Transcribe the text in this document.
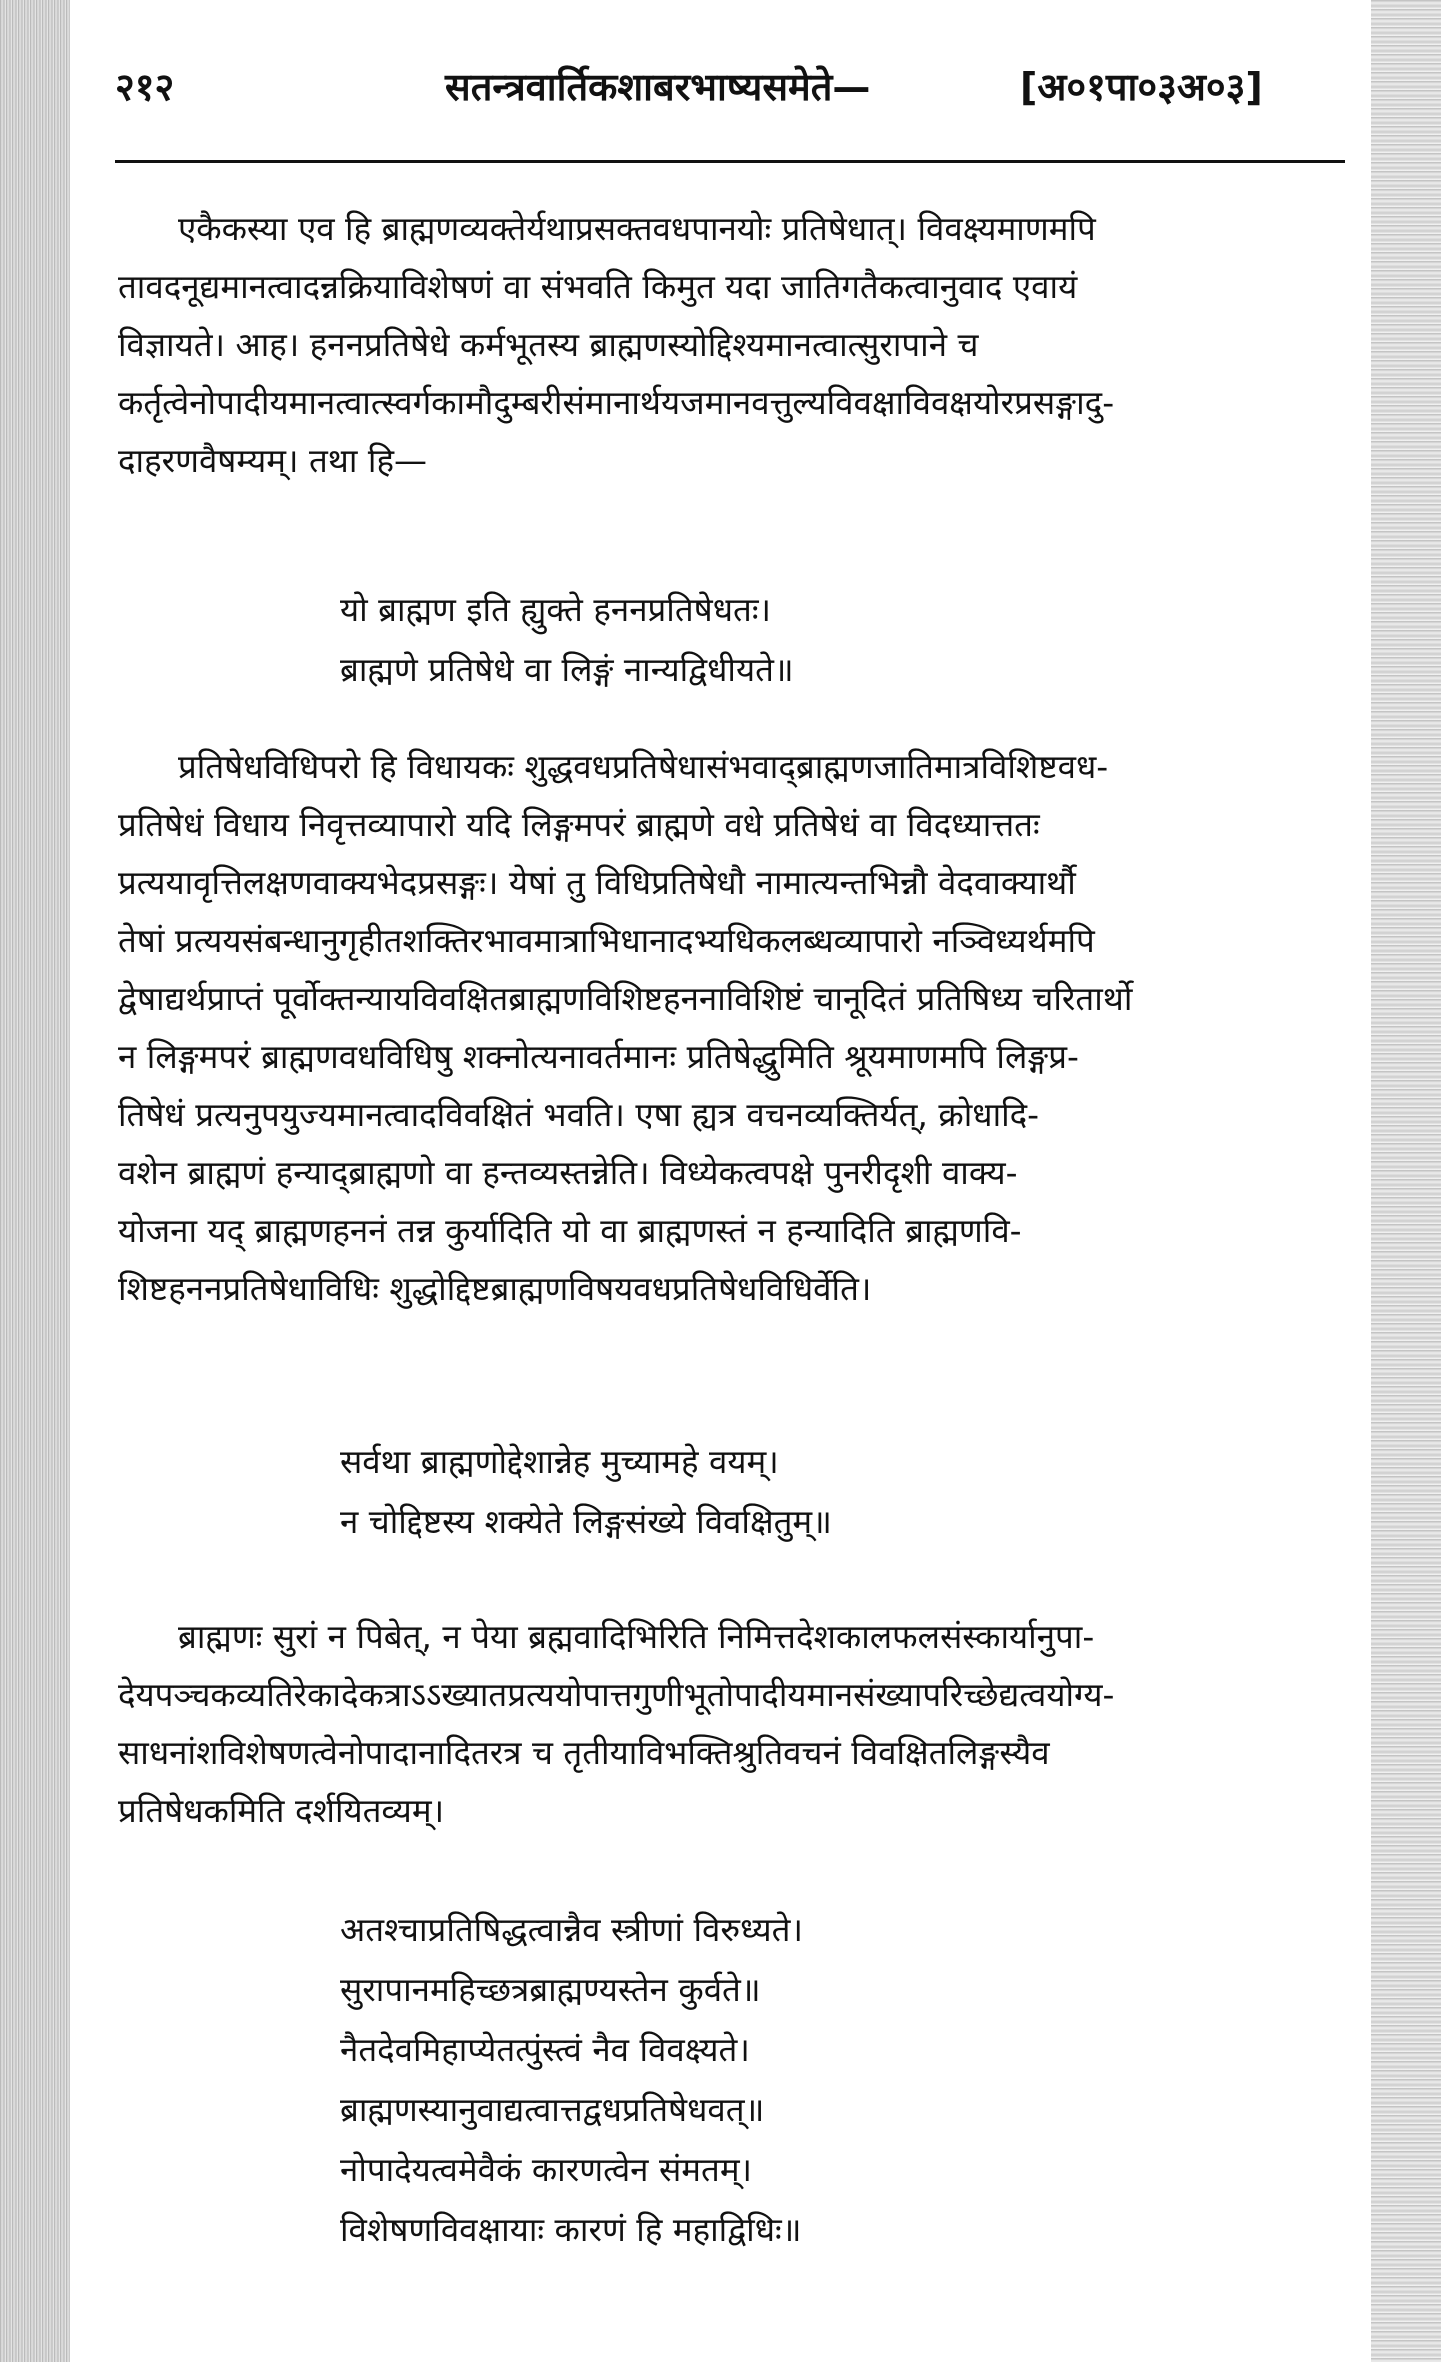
२१२	सतन्त्रवार्तिकशाबरभाष्यसमेते—	[अ०१पा०३अ०३]
एकैकस्या एव हि ब्राह्मणव्यक्तेर्यथाप्रसक्तवधपानयोः प्रतिषेधात्। विवक्ष्यमाणमपि
तावदनूद्यमानत्वादन्नक्रियाविशेषणं वा संभवति किमुत यदा जातिगतैकत्वानुवाद एवायं
विज्ञायते। आह। हननप्रतिषेधे कर्मभूतस्य ब्राह्मणस्योद्दिश्यमानत्वात्सुरापाने च
कर्तृत्वेनोपादीयमानत्वात्स्वर्गकामौदुम्बरीसंमानार्थयजमानवत्तुल्यविवक्षाविवक्षयोरप्रसङ्गादु-
दाहरणवैषम्यम्। तथा हि—
यो ब्राह्मण इति ह्युक्ते हननप्रतिषेधतः।
ब्राह्मणे प्रतिषेधे वा लिङ्गं नान्यद्विधीयते॥
प्रतिषेधविधिपरो हि विधायकः शुद्धवधप्रतिषेधासंभवाद्ब्राह्मणजातिमात्रविशिष्टवध-
प्रतिषेधं विधाय निवृत्तव्यापारो यदि लिङ्गमपरं ब्राह्मणे वधे प्रतिषेधं वा विदध्यात्ततः
प्रत्ययावृत्तिलक्षणवाक्यभेदप्रसङ्गः। येषां तु विधिप्रतिषेधौ नामात्यन्तभिन्नौ वेदवाक्यार्थौ
तेषां प्रत्ययसंबन्धानुगृहीतशक्तिरभावमात्राभिधानादभ्यधिकलब्धव्यापारो नञ्विध्यर्थमपि
द्वेषाद्यर्थप्राप्तं पूर्वोक्तन्यायविवक्षितब्राह्मणविशिष्टहननाविशिष्टं चानूदितं प्रतिषिध्य चरितार्थो
न लिङ्गमपरं ब्राह्मणवधविधिषु शक्नोत्यनावर्तमानः प्रतिषेद्धुमिति श्रूयमाणमपि लिङ्गप्र-
तिषेधं प्रत्यनुपयुज्यमानत्वादविवक्षितं भवति। एषा ह्यत्र वचनव्यक्तिर्यत्, क्रोधादि-
वशेन ब्राह्मणं हन्याद्ब्राह्मणो वा हन्तव्यस्तन्नेति। विध्येकत्वपक्षे पुनरीदृशी वाक्य-
योजना यद् ब्राह्मणहननं तन्न कुर्यादिति यो वा ब्राह्मणस्तं न हन्यादिति ब्राह्मणवि-
शिष्टहननप्रतिषेधाविधिः शुद्धोद्दिष्टब्राह्मणविषयवधप्रतिषेधविधिर्वेति।
सर्वथा ब्राह्मणोद्देशान्नेह मुच्यामहे वयम्।
न चोद्दिष्टस्य शक्येते लिङ्गसंख्ये विवक्षितुम्॥
ब्राह्मणः सुरां न पिबेत्, न पेया ब्रह्मवादिभिरिति निमित्तदेशकालफलसंस्कार्यानुपा-
देयपञ्चकव्यतिरेकादेकत्राऽऽख्यातप्रत्ययोपात्तगुणीभूतोपादीयमानसंख्यापरिच्छेद्यत्वयोग्य-
साधनांशविशेषणत्वेनोपादानादितरत्र च तृतीयाविभक्तिश्रुतिवचनं विवक्षितलिङ्गस्यैव
प्रतिषेधकमिति दर्शयितव्यम्।
अतश्चाप्रतिषिद्धत्वान्नैव स्त्रीणां विरुध्यते।
सुरापानमहिच्छत्रब्राह्मण्यस्तेन कुर्वते॥
नैतदेवमिहाप्येतत्पुंस्त्वं नैव विवक्ष्यते।
ब्राह्मणस्यानुवाद्यत्वात्तद्वधप्रतिषेधवत्॥
नोपादेयत्वमेवैकं कारणत्वेन संमतम्।
विशेषणविवक्षायाः कारणं हि महाद्विधिः॥
